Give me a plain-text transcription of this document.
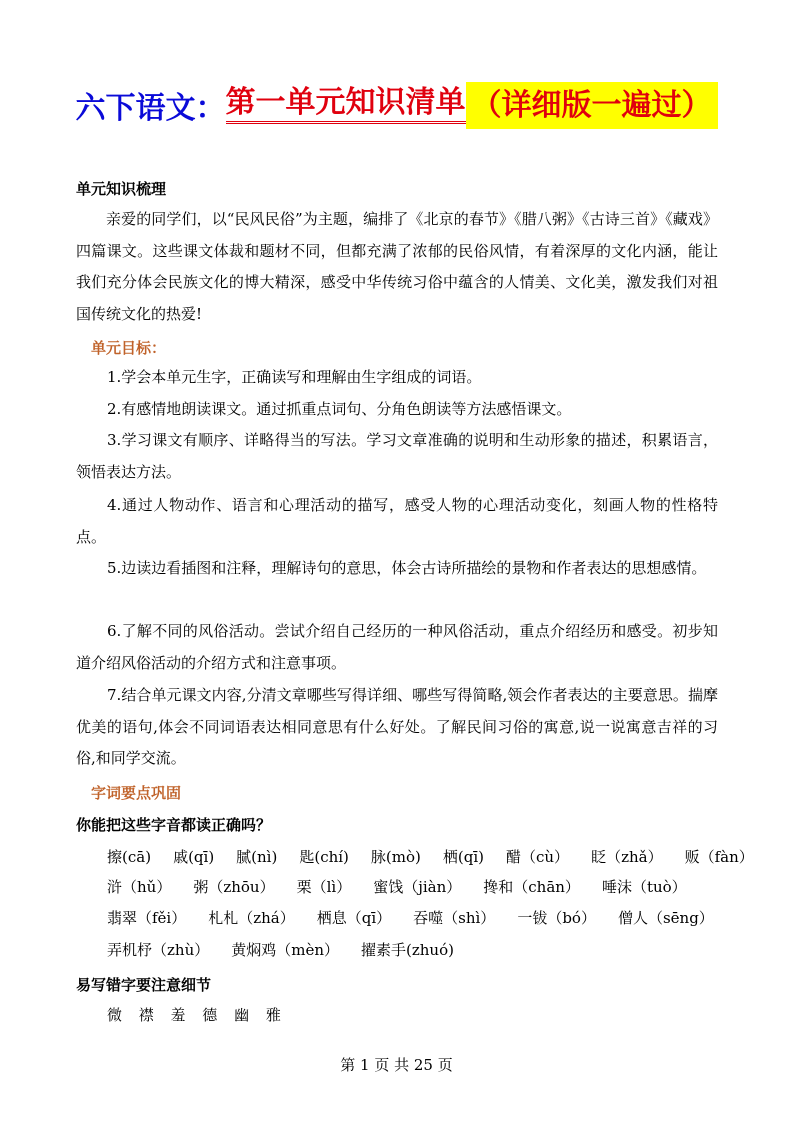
六下语文： 第一单元知识清单 （详细版一遍过）
单元知识梳理

亲爱的同学们，以“民风民俗”为主题，编排了《北京的春节》《腊八粥》《古诗三首》《藏戏》四篇课文。这些课文体裁和题材不同，但都充满了浓郁的民俗风情，有着深厚的文化内涵，能让我们充分体会民族文化的博大精深，感受中华传统习俗中蕴含的人情美、文化美，激发我们对祖国传统文化的热爱!

单元目标：

1.学会本单元生字，正确读写和理解由生字组成的词语。

2.有感情地朗读课文。通过抓重点词句、分角色朗读等方法感悟课文。

3.学习课文有顺序、详略得当的写法。学习文章准确的说明和生动形象的描述，积累语言，领悟表达方法。

4.通过人物动作、语言和心理活动的描写，感受人物的心理活动变化，刻画人物的性格特点。

5.边读边看插图和注释，理解诗句的意思，体会古诗所描绘的景物和作者表达的思想感情。

6.了解不同的风俗活动。尝试介绍自己经历的一种风俗活动，重点介绍经历和感受。初步知道介绍风俗活动的介绍方式和注意事项。

7.结合单元课文内容,分清文章哪些写得详细、哪些写得简略,领会作者表达的主要意思。揣摩优美的语句,体会不同词语表达相同意思有什么好处。了解民间习俗的寓意,说一说寓意吉祥的习俗,和同学交流。

字词要点巩固
你能把这些字音都读正确吗？
擦(cā) 戚(qī) 腻(nì) 匙(chí) 脉(mò) 栖(qī) 醋（cù） 眨（zhǎ） 贩（fàn）
浒（hǔ） 粥（zhōu） 栗（lì） 蜜饯（jiàn） 搀和（chān） 唾沫（tuò）
翡翠（fěi） 札札（zhá） 栖息（qī） 吞噬（shì） 一钹（bó） 僧人（sēng）
弄机杼（zhù） 黄焖鸡（mèn） 擢素手(zhuó)
易写错字要注意细节
微 襟 羞 德 幽 雅
第 1 页 共 25 页
